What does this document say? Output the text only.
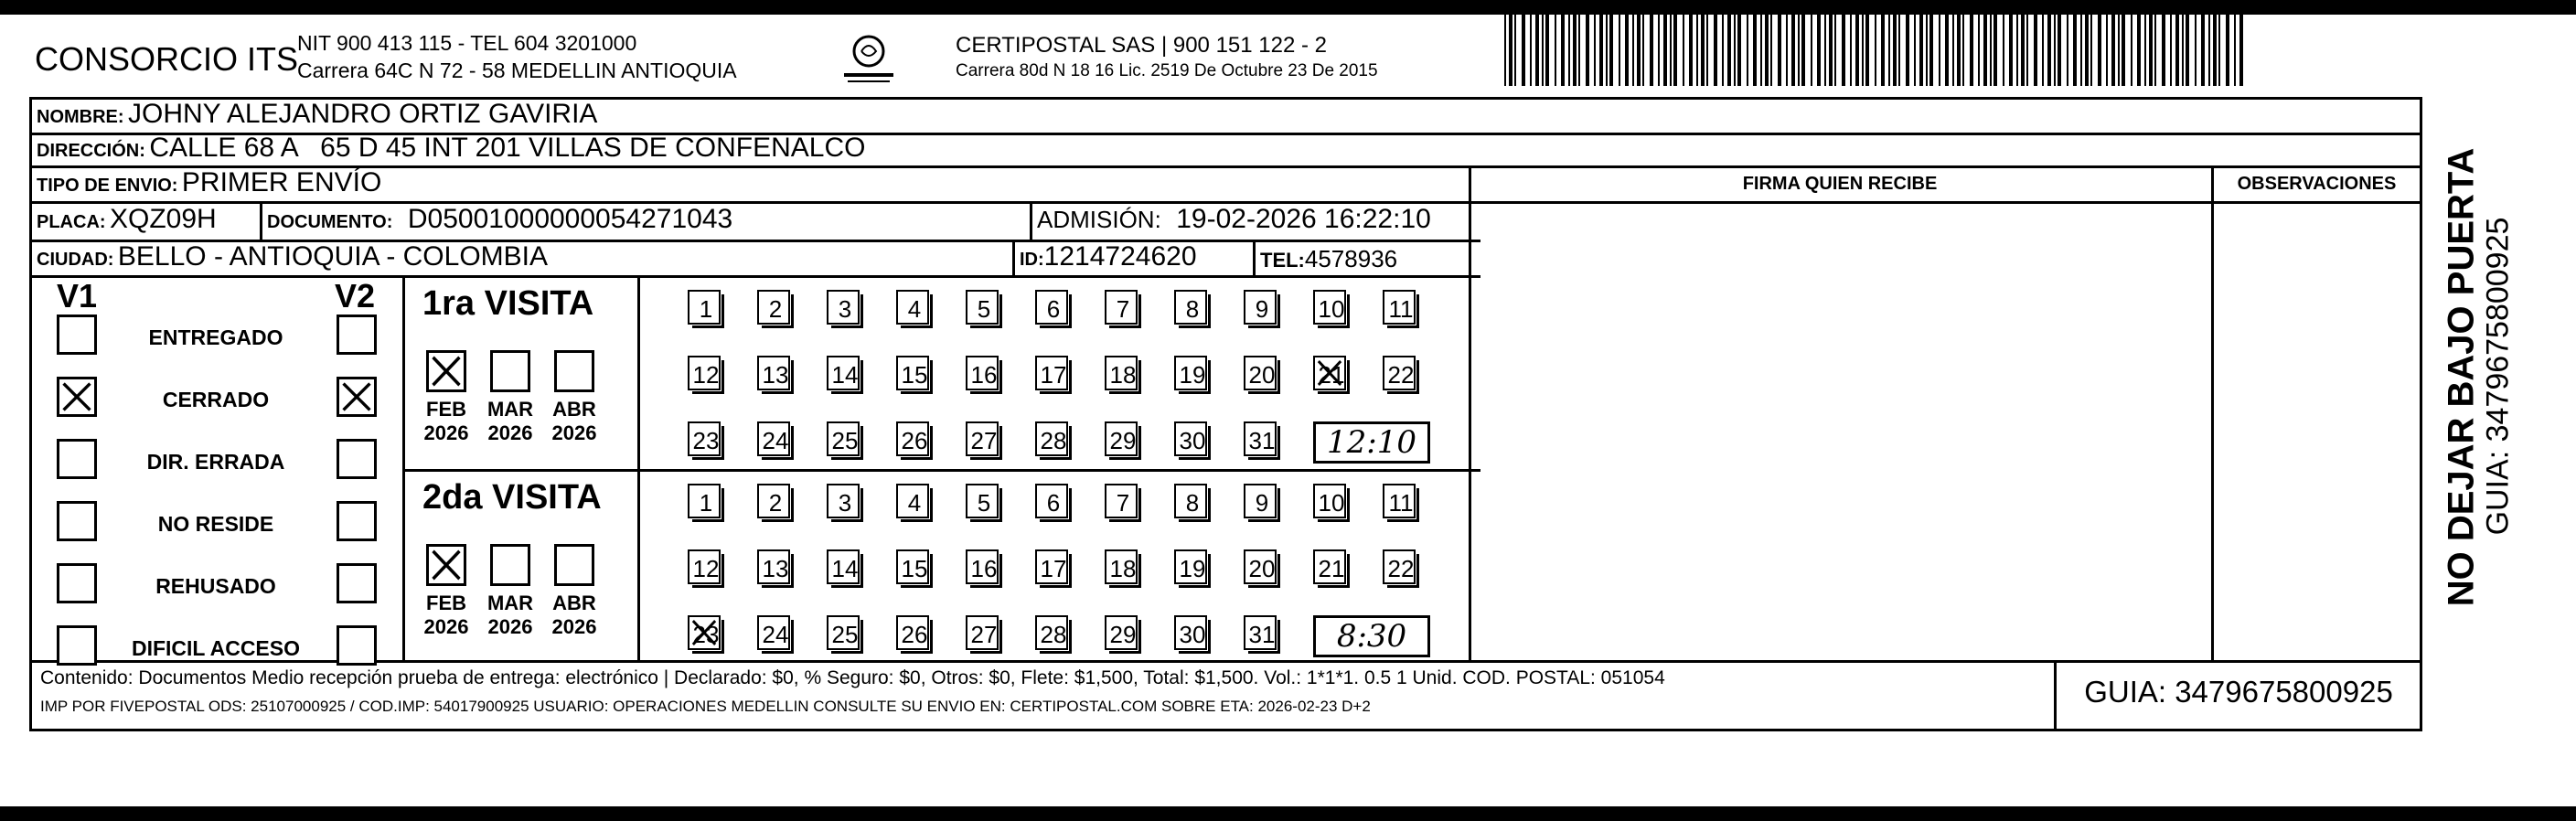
CONSORCIO ITS
NIT 900 413 115 - TEL 604 3201000
Carrera 64C N 72 - 58 MEDELLIN ANTIOQUIA
CERTIPOSTAL SAS | 900 151 122 - 2
Carrera 80d N 18 16 Lic. 2519 De Octubre 23 De 2015
NOMBRE: JOHNY ALEJANDRO ORTIZ GAVIRIA
DIRECCIÓN: CALLE 68 A   65 D 45 INT 201 VILLAS DE CONFENALCO
TIPO DE ENVIO: PRIMER ENVÍO	FIRMA QUIEN RECIBE	OBSERVACIONES
PLACA: XQZ09H	DOCUMENTO: D05001000000054271043	ADMISIÓN: 19-02-2026 16:22:10
CIUDAD: BELLO - ANTIOQUIA - COLOMBIA	ID:1214724620	TEL:4578936
V1	V2
ENTREGADO
CERRADO
DIR. ERRADA
NO RESIDE
REHUSADO
DIFICIL ACCESO
1ra VISITA
FEB
2026
MAR
2026
ABR
2026
1	2	3	4	5	6	7	8	9	10 11
12 13 14 15 16 17 18 19 20 21 22
23 24 25 26 27 28 29 30 31	12:10
2da VISITA
FEB
2026
MAR
2026
ABR
2026
1	2	3	4	5	6	7	8	9	10 11
12 13 14 15 16 17 18 19 20 21 22
23 24 25 26 27 28 29 30 31	8:30
Contenido: Documentos Medio recepción prueba de entrega: electrónico | Declarado: $0, % Seguro: $0, Otros: $0, Flete: $1,500, Total: $1,500. Vol.: 1*1*1. 0.5 1 Unid. COD. POSTAL: 051054
IMP POR FIVEPOSTAL ODS: 25107000925 / COD.IMP: 54017900925 USUARIO: OPERACIONES MEDELLIN CONSULTE SU ENVIO EN: CERTIPOSTAL.COM SOBRE ETA: 2026-02-23 D+2	GUIA: 3479675800925
NO DEJAR BAJO PUERTA GUIA: 3479675800925
